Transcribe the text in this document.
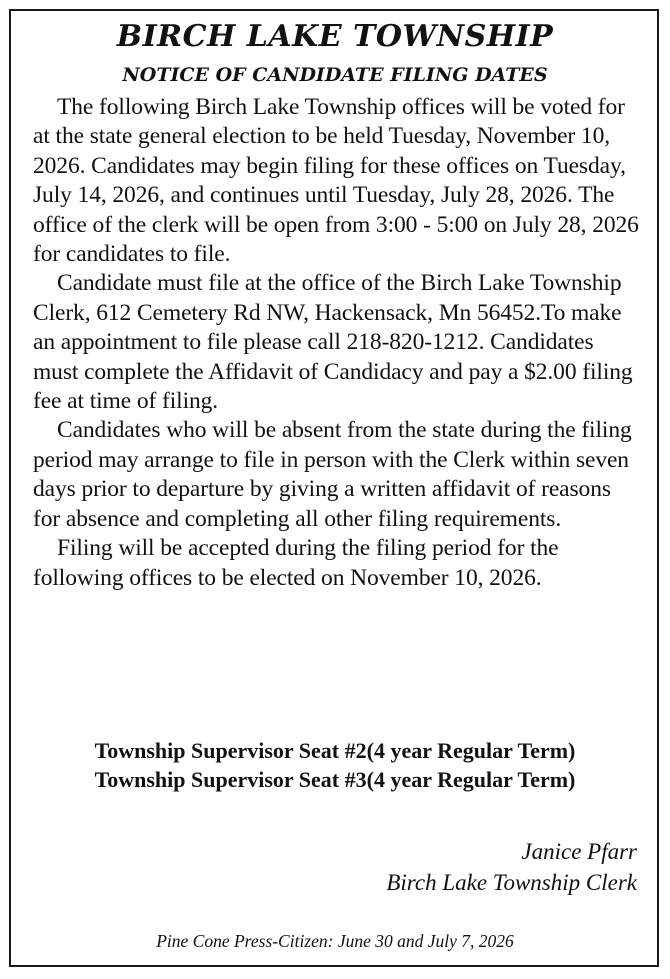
BIRCH LAKE TOWNSHIP
NOTICE OF CANDIDATE FILING DATES

The following Birch Lake Township offices will be voted for at the state general election to be held Tuesday, November 10, 2026. Candidates may begin filing for these offices on Tuesday, July 14, 2026, and continues until Tuesday, July 28, 2026. The office of the clerk will be open from 3:00 - 5:00 on July 28, 2026 for candidates to file.

Candidate must file at the office of the Birch Lake Township Clerk, 612 Cemetery Rd NW, Hackensack, Mn 56452.To make an appointment to file please call 218-820-1212. Candidates must complete the Affidavit of Candidacy and pay a $2.00 filing fee at time of filing.

Candidates who will be absent from the state during the filing period may arrange to file in person with the Clerk within seven days prior to departure by giving a written affidavit of reasons for absence and completing all other filing requirements.

Filing will be accepted during the filing period for the following offices to be elected on November 10, 2026.

Township Supervisor Seat #2(4 year Regular Term)
Township Supervisor Seat #3(4 year Regular Term)
Janice Pfarr
Birch Lake Township Clerk
Pine Cone Press-Citizen: June 30 and July 7, 2026
